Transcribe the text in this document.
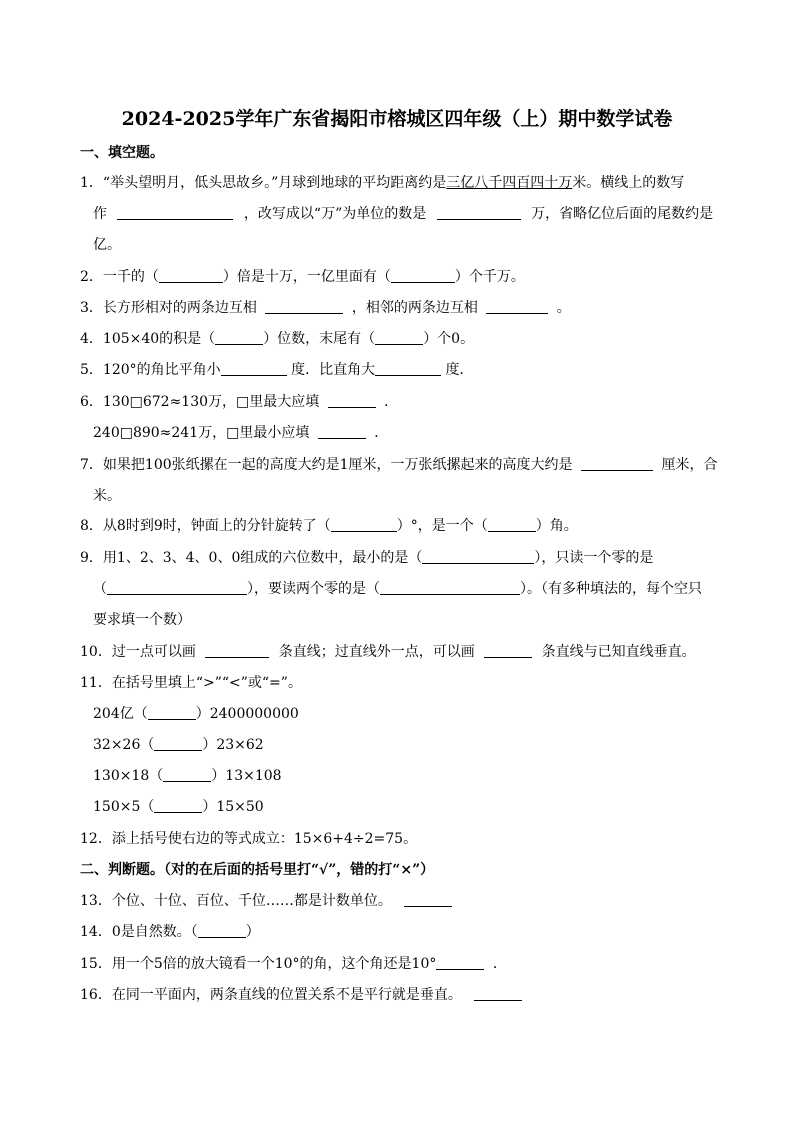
2024-2025学年广东省揭阳市榕城区四年级（上）期中数学试卷
一、填空题。
1．“举头望明月，低头思故乡。”月球到地球的平均距离约是三亿八千四百四十万米。横线上的数写
作	，改写成以“万”为单位的数是	万，省略亿位后面的尾数约是
亿。
2．一千的（	）倍是十万，一亿里面有（	）个千万。
3．长方形相对的两条边互相	，相邻的两条边互相	。
4．105×40的积是（	）位数，末尾有（	）个0。
5．120°的角比平角小	度．比直角大	度．
6．130□672≈130万，□里最大应填	．
240□890≈241万，□里最小应填	．
7．如果把100张纸摞在一起的高度大约是1厘米，一万张纸摞起来的高度大约是	厘米，合
米。
8．从8时到9时，钟面上的分针旋转了（	）°，是一个（	）角。
9．用1、2、3、4、0、0组成的六位数中，最小的是（	），只读一个零的是
（	），要读两个零的是（	）。（有多种填法的，每个空只
要求填一个数）
10．过一点可以画	条直线；过直线外一点，可以画	条直线与已知直线垂直。
11．在括号里填上“>”“<”或“=”。
204亿（	）2400000000
32×26（	）23×62
130×18（	）13×108
150×5（	）15×50
12．添上括号使右边的等式成立：15×6+4÷2=75。
二、判断题。（对的在后面的括号里打“√”，错的打“×”）
13．个位、十位、百位、千位……都是计数单位。
14．0是自然数。（	）
15．用一个5倍的放大镜看一个10°的角，这个角还是10°	．
16．在同一平面内，两条直线的位置关系不是平行就是垂直。
